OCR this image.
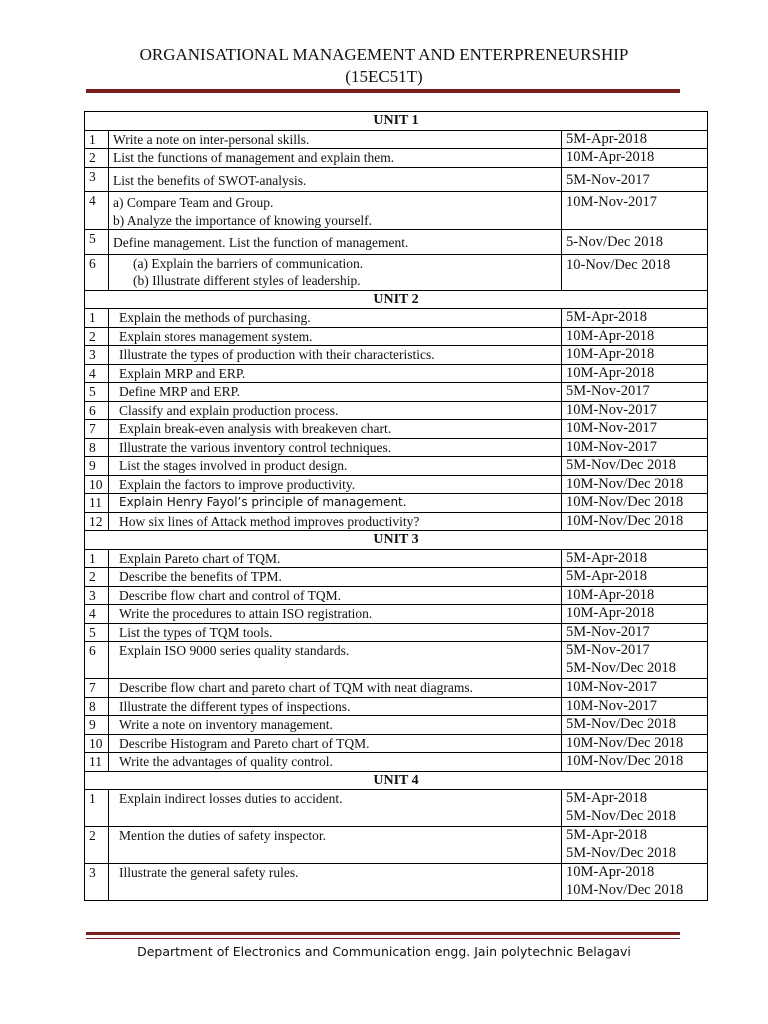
ORGANISATIONAL MANAGEMENT AND ENTERPRENEURSHIP
(15EC51T)
UNIT 1		
1	Write a note on inter-personal skills.	5M-Apr-2018

2	List the functions of management and explain them.	10M-Apr-2018

3	List the benefits of SWOT-analysis.	5M-Nov-2017

4	a) Compare Team and Group.
b) Analyze the importance of knowing yourself.	10M-Nov-2017

5	Define management. List the function of management.	5-Nov/Dec 2018

6	(a) Explain the barriers of communication.
(b) Illustrate different styles of leadership.	10-Nov/Dec 2018

UNIT 2		
1	Explain the methods of purchasing.	5M-Apr-2018

2	Explain stores management system.	10M-Apr-2018

3	Illustrate the types of production with their characteristics.	10M-Apr-2018

4	Explain MRP and ERP.	10M-Apr-2018

5	Define MRP and ERP.	5M-Nov-2017

6	Classify and explain production process.	10M-Nov-2017

7	Explain break-even analysis with breakeven chart.	10M-Nov-2017

8	Illustrate the various inventory control techniques.	10M-Nov-2017

9	List the stages involved in product design.	5M-Nov/Dec 2018

10	Explain the factors to improve productivity.	10M-Nov/Dec 2018

11	Explain Henry Fayol’s principle of management.	10M-Nov/Dec 2018

12	How six lines of Attack method improves productivity?	10M-Nov/Dec 2018

UNIT 3		
1	Explain Pareto chart of TQM.	5M-Apr-2018

2	Describe the benefits of TPM.	5M-Apr-2018

3	Describe flow chart and control of TQM.	10M-Apr-2018

4	Write the procedures to attain ISO registration.	10M-Apr-2018

5	List the types of TQM tools.	5M-Nov-2017

6	Explain ISO 9000 series quality standards.	5M-Nov-2017
5M-Nov/Dec 2018

7	Describe flow chart and pareto chart of TQM with neat diagrams.	10M-Nov-2017

8	Illustrate the different types of inspections.	10M-Nov-2017

9	Write a note on inventory management.	5M-Nov/Dec 2018

10	Describe Histogram and Pareto chart of TQM.	10M-Nov/Dec 2018

11	Write the advantages of quality control.	10M-Nov/Dec 2018

UNIT 4		
1	Explain indirect losses duties to accident.	5M-Apr-2018
5M-Nov/Dec 2018

2	Mention the duties of safety inspector.	5M-Apr-2018
5M-Nov/Dec 2018

3	Illustrate the general safety rules.	10M-Apr-2018
10M-Nov/Dec 2018
Department of Electronics and Communication engg. Jain polytechnic Belagavi
